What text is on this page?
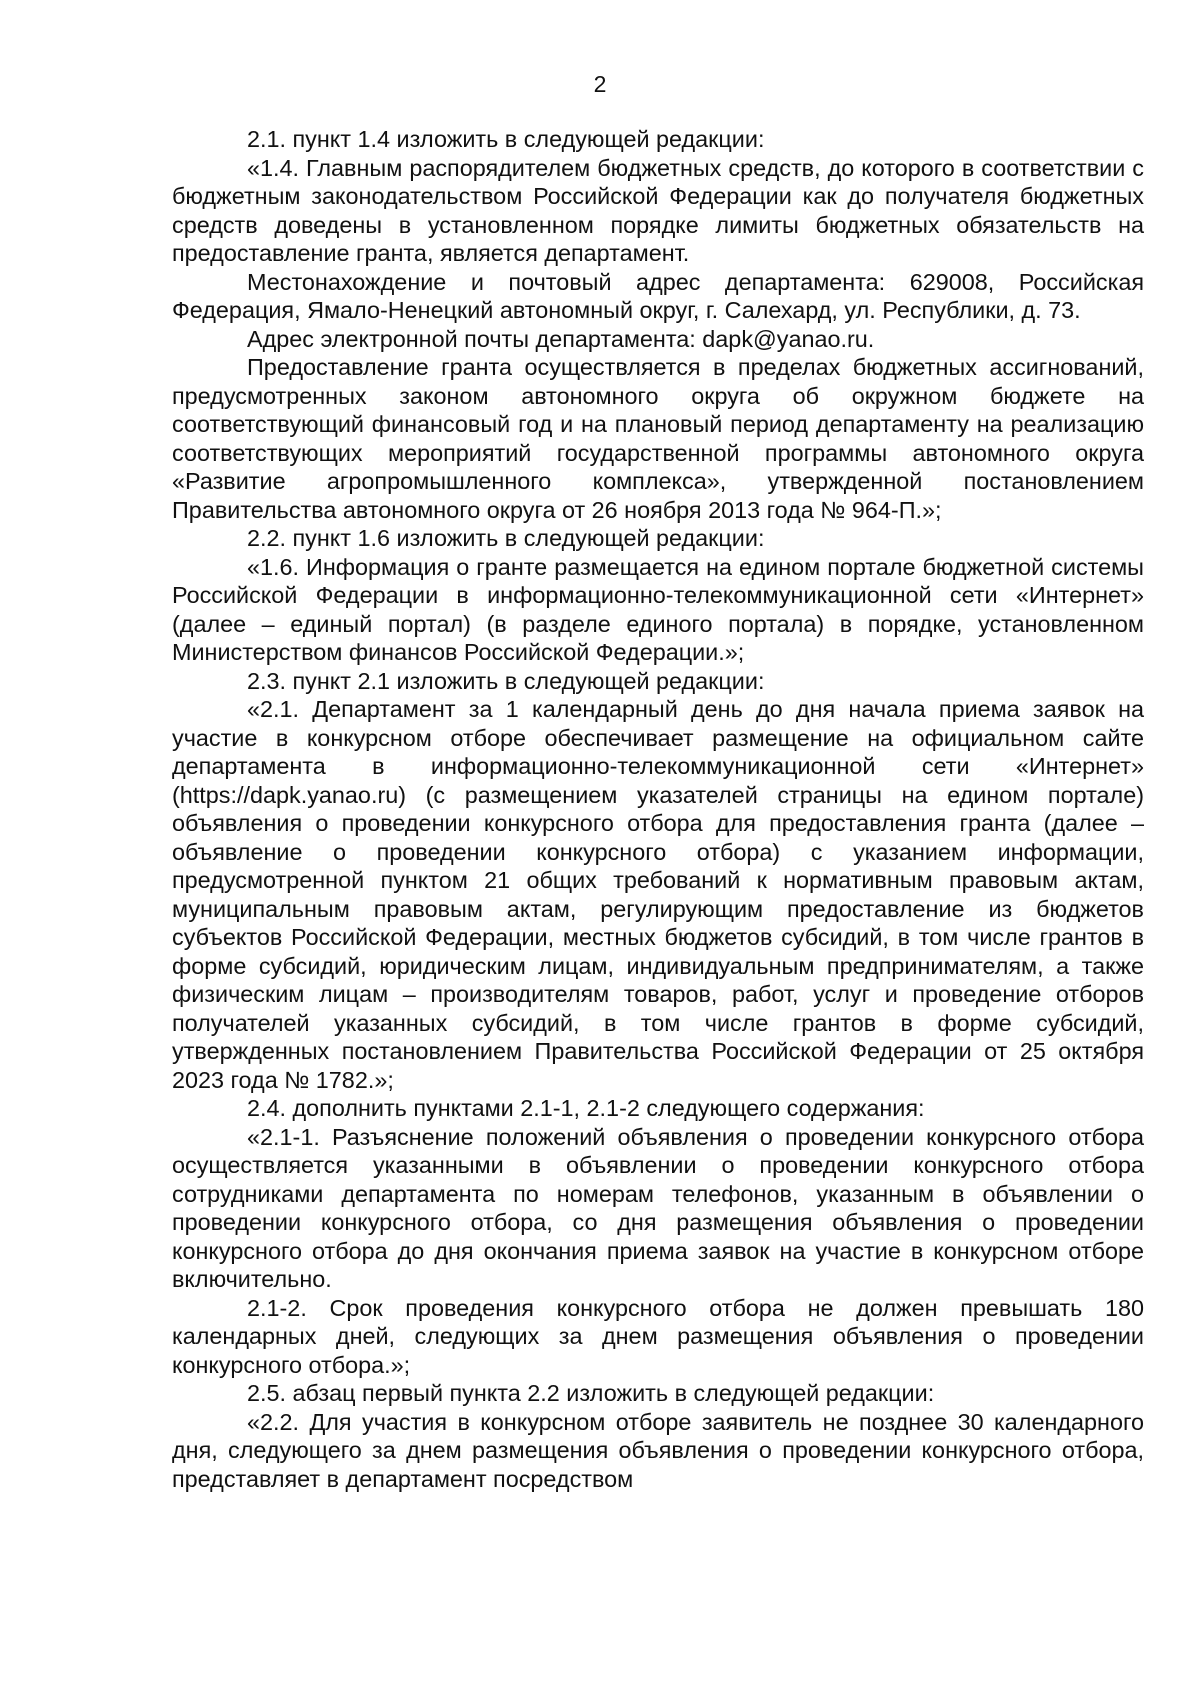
2

2.1. пункт 1.4 изложить в следующей редакции:

«1.4. Главным распорядителем бюджетных средств, до которого в соответствии с бюджетным законодательством Российской Федерации как до получателя бюджетных средств доведены в установленном порядке лимиты бюджетных обязательств на предоставление гранта, является департамент.

Местонахождение и почтовый адрес департамента: 629008, Российская Федерация, Ямало-Ненецкий автономный округ, г. Салехард, ул. Республики, д. 73.

Адрес электронной почты департамента: dapk@yanao.ru.

Предоставление гранта осуществляется в пределах бюджетных ассигнований, предусмотренных законом автономного округа об окружном бюджете на соответствующий финансовый год и на плановый период департаменту на реализацию соответствующих мероприятий государственной программы автономного округа «Развитие агропромышленного комплекса», утвержденной постановлением Правительства автономного округа от 26 ноября 2013 года № 964-П.»;

2.2. пункт 1.6 изложить в следующей редакции:

«1.6. Информация о гранте размещается на едином портале бюджетной системы Российской Федерации в информационно-телекоммуникационной сети «Интернет» (далее – единый портал) (в разделе единого портала) в порядке, установленном Министерством финансов Российской Федерации.»;

2.3. пункт 2.1 изложить в следующей редакции:

«2.1. Департамент за 1 календарный день до дня начала приема заявок на участие в конкурсном отборе обеспечивает размещение на официальном сайте департамента в информационно-телекоммуникационной сети «Интернет» (https://dapk.yanao.ru) (с размещением указателей страницы на едином портале) объявления о проведении конкурсного отбора для предоставления гранта (далее – объявление о проведении конкурсного отбора) с указанием информации, предусмотренной пунктом 21 общих требований к нормативным правовым актам, муниципальным правовым актам, регулирующим предоставление из бюджетов субъектов Российской Федерации, местных бюджетов субсидий, в том числе грантов в форме субсидий, юридическим лицам, индивидуальным предпринимателям, а также физическим лицам – производителям товаров, работ, услуг и проведение отборов получателей указанных субсидий, в том числе грантов в форме субсидий, утвержденных постановлением Правительства Российской Федерации от 25 октября 2023 года № 1782.»;

2.4. дополнить пунктами 2.1-1, 2.1-2 следующего содержания:

«2.1-1. Разъяснение положений объявления о проведении конкурсного отбора осуществляется указанными в объявлении о проведении конкурсного отбора сотрудниками департамента по номерам телефонов, указанным в объявлении о проведении конкурсного отбора, со дня размещения объявления о проведении конкурсного отбора до дня окончания приема заявок на участие в конкурсном отборе включительно.

2.1-2. Срок проведения конкурсного отбора не должен превышать 180 календарных дней, следующих за днем размещения объявления о проведении конкурсного отбора.»;

2.5. абзац первый пункта 2.2 изложить в следующей редакции:

«2.2. Для участия в конкурсном отборе заявитель не позднее 30 календарного дня, следующего за днем размещения объявления о проведении конкурсного отбора, представляет в департамент посредством
